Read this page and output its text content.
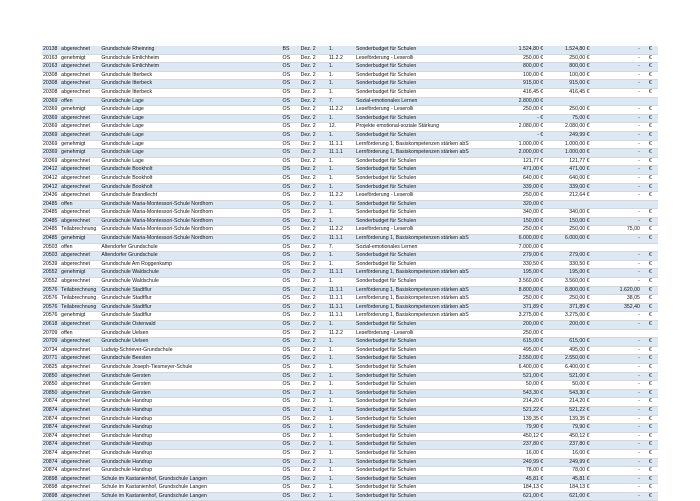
20138	abgerechnet	Grundschule Rheinring	BS	Dez. 2	1.	Sonderbudget für Schulen	1.524,80 €	1.524,80 €	-	€
20163	genehmigt	Grundschule Emlichheim	OS	Dez. 2	11.2.2	Leseförderung - Leserolli	250,00 €	250,00 €	-	€
20163	abgerechnet	Grundschule Emlichheim	OS	Dez. 2	1.	Sonderbudget für Schulen	800,00 €	800,00 €	-	€
20308	abgerechnet	Grundschule Itterbeck	OS	Dez. 2	1.	Sonderbudget für Schulen	100,00 €	100,00 €	-	€
20308	abgerechnet	Grundschule Itterbeck	OS	Dez. 2	1.	Sonderbudget für Schulen	915,00 €	915,00 €	-	€
20308	abgerechnet	Grundschule Itterbeck	OS	Dez. 2	1.	Sonderbudget für Schulen	416,45 €	416,45 €	-	€
20369	offen	Grundschule Lage	OS	Dez. 2	7.	Sozial-emotionales Lernen	2.800,00 €			
20369	genehmigt	Grundschule Lage	OS	Dez. 2	11.2.2	Leseförderung - Leserolli	250,00 €	250,00 €	-	€
20369	abgerechnet	Grundschule Lage	OS	Dez. 2	1.	Sonderbudget für Schulen	- €	75,00 €	-	€
20369	abgerechnet	Grundschule Lage	OS	Dez. 2	12.	Projekte emotional-soziale Stärkung	2.080,00 €	2.080,00 €	-	€
20369	abgerechnet	Grundschule Lage	OS	Dez. 2	1.	Sonderbudget für Schulen	- €	249,99 €	-	€
20369	genehmigt	Grundschule Lage	OS	Dez. 2	11.1.1	Lernförderung 1, Basiskompetenzen stärken abS	1.000,00 €	1.000,00 €	-	€
20369	genehmigt	Grundschule Lage	OS	Dez. 2	11.1.1	Lernförderung 1, Basiskompetenzen stärken abS	2.000,00 €	1.000,00 €	-	€
20369	abgerechnet	Grundschule Lage	OS	Dez. 2	1.	Sonderbudget für Schulen	121,77 €	121,77 €	-	€
20412	abgerechnet	Grundschule Bookholt	OS	Dez. 2	1.	Sonderbudget für Schulen	471,00 €	471,00 €	-	€
20412	abgerechnet	Grundschule Bookholt	OS	Dez. 2	1.	Sonderbudget für Schulen	640,00 €	640,00 €	-	€
20412	abgerechnet	Grundschule Bookholt	OS	Dez. 2	1.	Sonderbudget für Schulen	339,00 €	339,00 €	-	€
20436	abgerechnet	Grundschule Brandlecht	OS	Dez. 2	11.2.2	Leseförderung - Leserolli	250,00 €	212,64 €	-	€
20485	offen	Grundschule Maria-Montessori-Schule Nordhorn	OS	Dez. 2	1.	Sonderbudget für Schulen	320,00 €			
20485	abgerechnet	Grundschule Maria-Montessori-Schule Nordhorn	OS	Dez. 2	1.	Sonderbudget für Schulen	340,00 €	340,00 €	-	€
20485	abgerechnet	Grundschule Maria-Montessori-Schule Nordhorn	OS	Dez. 2	1.	Sonderbudget für Schulen	150,00 €	150,00 €	-	€
20485	Teilabrechnung	Grundschule Maria-Montessori-Schule Nordhorn	OS	Dez. 2	11.2.2	Leseförderung - Leserolli	250,00 €	250,00 €	75,00	€
20485	genehmigt	Grundschule Maria-Montessori-Schule Nordhorn	OS	Dez. 2	11.1.1	Lernförderung 1, Basiskompetenzen stärken abS	6.000,00 €	6.000,00 €	-	€
20503	offen	Altendorfer Grundschule	OS	Dez. 2	7.	Sozial-emotionales Lernen	7.000,00 €			
20503	abgerechnet	Altendorfer Grundschule	OS	Dez. 2	1.	Sonderbudget für Schulen	279,00 €	279,00 €	-	€
20539	abgerechnet	Grundschule Am Roggenkamp	OS	Dez. 2	1.	Sonderbudget für Schulen	330,50 €	330,50 €	-	€
20552	genehmigt	Grundschule Waldschule	OS	Dez. 2	11.1.1	Lernförderung 1, Basiskompetenzen stärken abS	195,00 €	195,00 €	-	€
20552	abgerechnet	Grundschule Waldschule	OS	Dez. 2	1.	Sonderbudget für Schulen	3.560,00 €	3.560,00 €	-	€
20576	Teilabrechnung	Grundschule Stadtflur	OS	Dez. 2	11.1.1	Lernförderung 1, Basiskompetenzen stärken abS	8.800,00 €	8.800,00 €	1.620,00	€
20576	Teilabrechnung	Grundschule Stadtflur	OS	Dez. 2	11.1.1	Lernförderung 1, Basiskompetenzen stärken abS	250,00 €	250,00 €	38,05	€
20576	Teilabrechnung	Grundschule Stadtflur	OS	Dez. 2	11.1.1	Lernförderung 1, Basiskompetenzen stärken abS	371,89 €	371,89 €	352,40	€
20576	genehmigt	Grundschule Stadtflur	OS	Dez. 2	11.1.1	Lernförderung 1, Basiskompetenzen stärken abS	3.275,00 €	3.275,00 €	-	€
20618	abgerechnet	Grundschule Osterwald	OS	Dez. 2	1.	Sonderbudget für Schulen	200,00 €	200,00 €	-	€
20709	offen	Grundschule Uelsen	OS	Dez. 2	11.2.2	Leseförderung - Leserolli	250,00 €			
20709	abgerechnet	Grundschule Uelsen	OS	Dez. 2	1.	Sonderbudget für Schulen	615,00 €	615,00 €	-	€
20734	abgerechnet	Ludwig-Schriever-Grundschule	OS	Dez. 2	1.	Sonderbudget für Schulen	495,00 €	495,00 €	-	€
20771	abgerechnet	Grundschule Beesten	OS	Dez. 2	1.	Sonderbudget für Schulen	2.550,00 €	2.550,00 €	-	€
20825	abgerechnet	Grundschule Joseph-Tiesmeyer-Schule	OS	Dez. 2	1.	Sonderbudget für Schulen	6.400,00 €	6.400,00 €	-	€
20850	abgerechnet	Grundschule Gersten	OS	Dez. 2	1.	Sonderbudget für Schulen	521,00 €	521,00 €	-	€
20850	abgerechnet	Grundschule Gersten	OS	Dez. 2	1.	Sonderbudget für Schulen	50,00 €	50,00 €	-	€
20850	abgerechnet	Grundschule Gersten	OS	Dez. 2	1.	Sonderbudget für Schulen	543,30 €	543,30 €	-	€
20874	abgerechnet	Grundschule Handrup	OS	Dez. 2	1.	Sonderbudget für Schulen	214,20 €	214,20 €	-	€
20874	abgerechnet	Grundschule Handrup	OS	Dez. 2	1.	Sonderbudget für Schulen	521,22 €	521,22 €	-	€
20874	abgerechnet	Grundschule Handrup	OS	Dez. 2	1.	Sonderbudget für Schulen	139,35 €	139,35 €	-	€
20874	abgerechnet	Grundschule Handrup	OS	Dez. 2	1.	Sonderbudget für Schulen	79,90 €	79,90 €	-	€
20874	abgerechnet	Grundschule Handrup	OS	Dez. 2	1.	Sonderbudget für Schulen	450,12 €	450,12 €	-	€
20874	abgerechnet	Grundschule Handrup	OS	Dez. 2	1.	Sonderbudget für Schulen	237,80 €	237,80 €	-	€
20874	abgerechnet	Grundschule Handrup	OS	Dez. 2	1.	Sonderbudget für Schulen	16,00 €	16,00 €	-	€
20874	abgerechnet	Grundschule Handrup	OS	Dez. 2	1.	Sonderbudget für Schulen	249,99 €	249,99 €	-	€
20874	abgerechnet	Grundschule Handrup	OS	Dez. 2	1.	Sonderbudget für Schulen	78,00 €	78,00 €	-	€
20898	abgerechnet	Schule im Kastanienhof, Grundschule Langen	OS	Dez. 2	1.	Sonderbudget für Schulen	45,81 €	45,81 €	-	€
20898	abgerechnet	Schule im Kastanienhof, Grundschule Langen	OS	Dez. 2	1.	Sonderbudget für Schulen	184,13 €	184,13 €	-	€
20898	abgerechnet	Schule im Kastanienhof, Grundschule Langen	OS	Dez. 2	1.	Sonderbudget für Schulen	621,00 €	621,00 €	-	€
